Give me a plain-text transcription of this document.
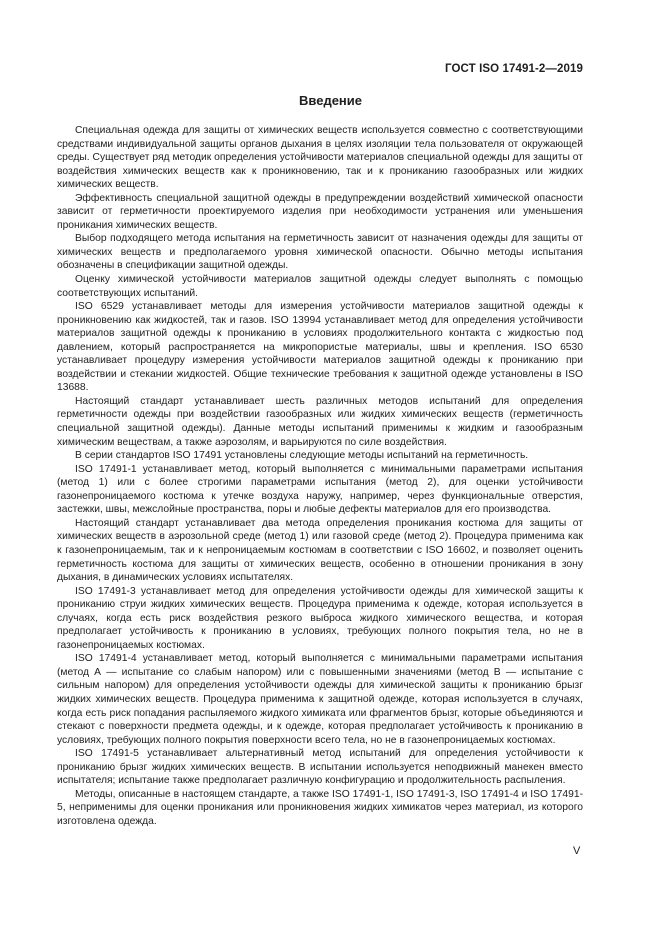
ГОСТ ISO 17491-2—2019
Введение

Специальная одежда для защиты от химических веществ используется совместно с соответствующими средствами индивидуальной защиты органов дыхания в целях изоляции тела пользователя от окружающей среды. Существует ряд методик определения устойчивости материалов специальной одежды для защиты от воздействия химических веществ как к проникновению, так и к прониканию газообразных или жидких химических веществ.

Эффективность специальной защитной одежды в предупреждении воздействий химической опасности зависит от герметичности проектируемого изделия при необходимости устранения или уменьшения проникания химических веществ.

Выбор подходящего метода испытания на герметичность зависит от назначения одежды для защиты от химических веществ и предполагаемого уровня химической опасности. Обычно методы испытания обозначены в спецификации защитной одежды.

Оценку химической устойчивости материалов защитной одежды следует выполнять с помощью соответствующих испытаний.

ISO 6529 устанавливает методы для измерения устойчивости материалов защитной одежды к проникновению как жидкостей, так и газов. ISO 13994 устанавливает метод для определения устойчивости материалов защитной одежды к прониканию в условиях продолжительного контакта с жидкостью под давлением, который распространяется на микропористые материалы, швы и крепления. ISO 6530 устанавливает процедуру измерения устойчивости материалов защитной одежды к прониканию при воздействии и стекании жидкостей. Общие технические требования к защитной одежде установлены в ISO 13688.

Настоящий стандарт устанавливает шесть различных методов испытаний для определения герметичности одежды при воздействии газообразных или жидких химических веществ (герметичность специальной защитной одежды). Данные методы испытаний применимы к жидким и газообразным химическим веществам, а также аэрозолям, и варьируются по силе воздействия.

В серии стандартов ISO 17491 установлены следующие методы испытаний на герметичность.

ISO 17491-1 устанавливает метод, который выполняется с минимальными параметрами испытания (метод 1) или с более строгими параметрами испытания (метод 2), для оценки устойчивости газонепроницаемого костюма к утечке воздуха наружу, например, через функциональные отверстия, застежки, швы, межслойные пространства, поры и любые дефекты материалов для его производства.

Настоящий стандарт устанавливает два метода определения проникания костюма для защиты от химических веществ в аэрозольной среде (метод 1) или газовой среде (метод 2). Процедура применима как к газонепроницаемым, так и к непроницаемым костюмам в соответствии с ISO 16602, и позволяет оценить герметичность костюма для защиты от химических веществ, особенно в отношении проникания в зону дыхания, в динамических условиях испытателях.

ISO 17491-3 устанавливает метод для определения устойчивости одежды для химической защиты к прониканию струи жидких химических веществ. Процедура применима к одежде, которая используется в случаях, когда есть риск воздействия резкого выброса жидкого химического вещества, и которая предполагает устойчивость к прониканию в условиях, требующих полного покрытия тела, но не в газонепроницаемых костюмах.

ISO 17491-4 устанавливает метод, который выполняется с минимальными параметрами испытания (метод А — испытание со слабым напором) или с повышенными значениями (метод В — испытание с сильным напором) для определения устойчивости одежды для химической защиты к прониканию брызг жидких химических веществ. Процедура применима к защитной одежде, которая используется в случаях, когда есть риск попадания распыляемого жидкого химиката или фрагментов брызг, которые объединяются и стекают с поверхности предмета одежды, и к одежде, которая предполагает устойчивость к прониканию в условиях, требующих полного покрытия поверхности всего тела, но не в газонепроницаемых костюмах.

ISO 17491-5 устанавливает альтернативный метод испытаний для определения устойчивости к прониканию брызг жидких химических веществ. В испытании используется неподвижный манекен вместо испытателя; испытание также предполагает различную конфигурацию и продолжительность распыления.

Методы, описанные в настоящем стандарте, а также ISO 17491-1, ISO 17491-3, ISO 17491-4 и ISO 17491-5, неприменимы для оценки проникания или проникновения жидких химикатов через материал, из которого изготовлена одежда.

V
